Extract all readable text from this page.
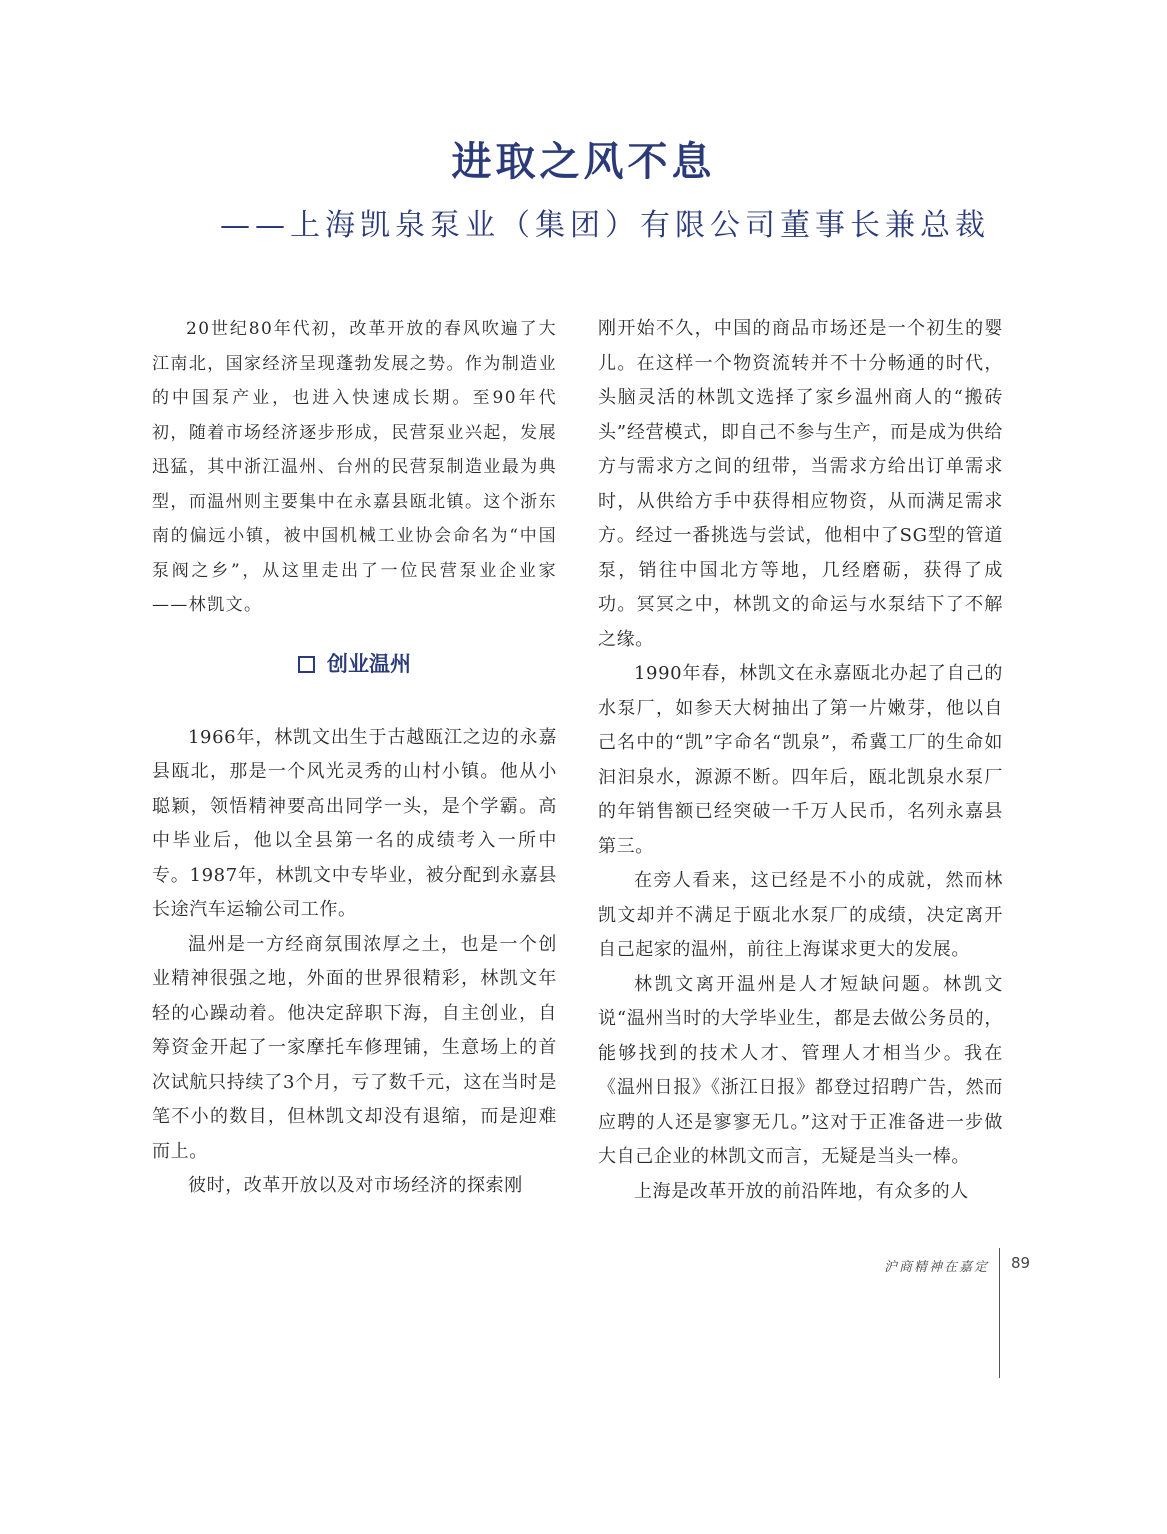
进取之风不息
——上海凯泉泵业（集团）有限公司董事长兼总裁

20世纪80年代初，改革开放的春风吹遍了大江南北，国家经济呈现蓬勃发展之势。作为制造业的中国泵产业，也进入快速成长期。至90年代初，随着市场经济逐步形成，民营泵业兴起，发展迅猛，其中浙江温州、台州的民营泵制造业最为典型，而温州则主要集中在永嘉县瓯北镇。这个浙东南的偏远小镇，被中国机械工业协会命名为“中国泵阀之乡”，从这里走出了一位民营泵业企业家——林凯文。

创业温州

1966年，林凯文出生于古越瓯江之边的永嘉县瓯北，那是一个风光灵秀的山村小镇。他从小聪颖，领悟精神要高出同学一头，是个学霸。高中毕业后，他以全县第一名的成绩考入一所中专。1987年，林凯文中专毕业，被分配到永嘉县长途汽车运输公司工作。

温州是一方经商氛围浓厚之土，也是一个创业精神很强之地，外面的世界很精彩，林凯文年轻的心躁动着。他决定辞职下海，自主创业，自筹资金开起了一家摩托车修理铺，生意场上的首次试航只持续了3个月，亏了数千元，这在当时是笔不小的数目，但林凯文却没有退缩，而是迎难而上。

彼时，改革开放以及对市场经济的探索刚

刚开始不久，中国的商品市场还是一个初生的婴儿。在这样一个物资流转并不十分畅通的时代，头脑灵活的林凯文选择了家乡温州商人的“搬砖头”经营模式，即自己不参与生产，而是成为供给方与需求方之间的纽带，当需求方给出订单需求时，从供给方手中获得相应物资，从而满足需求方。经过一番挑选与尝试，他相中了SG型的管道泵，销往中国北方等地，几经磨砺，获得了成功。冥冥之中，林凯文的命运与水泵结下了不解之缘。

1990年春，林凯文在永嘉瓯北办起了自己的水泵厂，如参天大树抽出了第一片嫩芽，他以自己名中的“凯”字命名“凯泉”，希冀工厂的生命如汩汩泉水，源源不断。四年后，瓯北凯泉水泵厂的年销售额已经突破一千万人民币，名列永嘉县第三。

在旁人看来，这已经是不小的成就，然而林凯文却并不满足于瓯北水泵厂的成绩，决定离开自己起家的温州，前往上海谋求更大的发展。

林凯文离开温州是人才短缺问题。林凯文说“温州当时的大学毕业生，都是去做公务员的，能够找到的技术人才、管理人才相当少。我在《温州日报》《浙江日报》都登过招聘广告，然而应聘的人还是寥寥无几。”这对于正准备进一步做大自己企业的林凯文而言，无疑是当头一棒。

上海是改革开放的前沿阵地，有众多的人

沪商精神在嘉定 89
